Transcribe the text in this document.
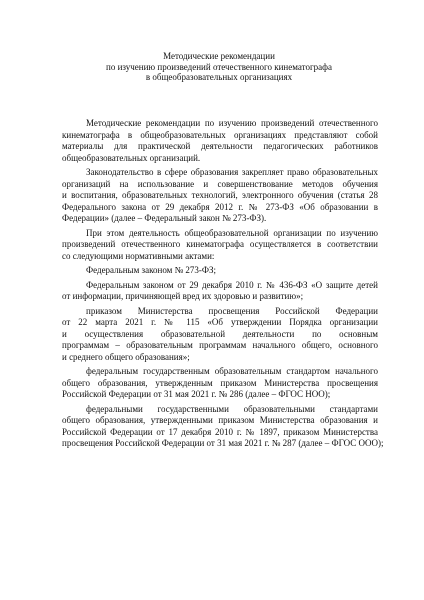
Методические рекомендации
по изучению произведений отечественного кинематографа
в общеобразовательных организациях
Методические рекомендации по изучению произведений отечественного
кинематографа в общеобразовательных организациях представляют собой
материалы для практической деятельности педагогических работников
общеобразовательных организаций.
Законодательство в сфере образования закрепляет право образовательных
организаций на использование и совершенствование методов обучения
и воспитания, образовательных технологий, электронного обучения (статья 28
Федерального закона от 29 декабря 2012 г. № 273-ФЗ «Об образовании в
Федерации» (далее – Федеральный закон № 273-ФЗ).
При этом деятельность общеобразовательной организации по изучению
произведений отечественного кинематографа осуществляется в соответствии
со следующими нормативными актами:
Федеральным законом № 273-ФЗ;
Федеральным законом от 29 декабря 2010 г. № 436-ФЗ «О защите детей
от информации, причиняющей вред их здоровью и развитию»;
приказом Министерства просвещения Российской Федерации
от 22 марта 2021 г. № 115 «Об утверждении Порядка организации
и осуществления образовательной деятельности по основным
программам – образовательным программам начального общего, основного
и среднего общего образования»;
федеральным государственным образовательным стандартом начального
общего образования, утвержденным приказом Министерства просвещения
Российской Федерации от 31 мая 2021 г. № 286 (далее – ФГОС НОО);
федеральными государственными образовательными стандартами
общего образования, утвержденными приказом Министерства образования и
Российской Федерации от 17 декабря 2010 г. № 1897, приказом Министерства
просвещения Российской Федерации от 31 мая 2021 г. № 287 (далее – ФГОС ООО);
